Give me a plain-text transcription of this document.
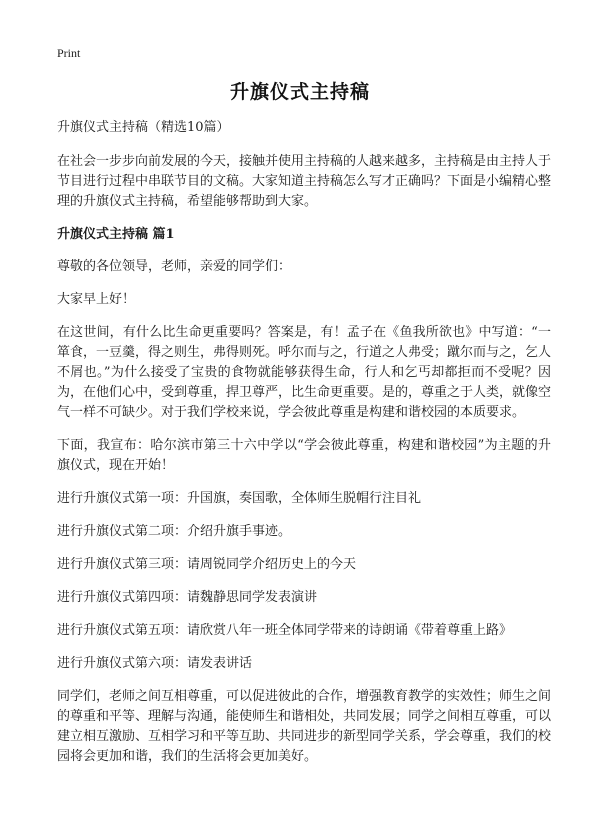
Print
升旗仪式主持稿

升旗仪式主持稿（精选10篇）

在社会一步步向前发展的今天，接触并使用主持稿的人越来越多，主持稿是由主持人于节目进行过程中串联节目的文稿。大家知道主持稿怎么写才正确吗？下面是小编精心整理的升旗仪式主持稿，希望能够帮助到大家。

升旗仪式主持稿 篇1

尊敬的各位领导，老师，亲爱的同学们：

大家早上好！

在这世间，有什么比生命更重要吗？答案是，有！孟子在《鱼我所欲也》中写道：“一箪食，一豆羹，得之则生，弗得则死。呼尔而与之，行道之人弗受；蹴尔而与之，乞人不屑也。”为什么接受了宝贵的食物就能够获得生命，行人和乞丐却都拒而不受呢？因为，在他们心中，受到尊重，捍卫尊严，比生命更重要。是的，尊重之于人类，就像空气一样不可缺少。对于我们学校来说，学会彼此尊重是构建和谐校园的本质要求。

下面，我宣布：哈尔滨市第三十六中学以“学会彼此尊重，构建和谐校园”为主题的升旗仪式，现在开始！

进行升旗仪式第一项：升国旗，奏国歌，全体师生脱帽行注目礼

进行升旗仪式第二项：介绍升旗手事迹。

进行升旗仪式第三项：请周锐同学介绍历史上的今天

进行升旗仪式第四项：请魏静思同学发表演讲

进行升旗仪式第五项：请欣赏八年一班全体同学带来的诗朗诵《带着尊重上路》

进行升旗仪式第六项：请发表讲话

同学们，老师之间互相尊重，可以促进彼此的合作，增强教育教学的实效性；师生之间的尊重和平等、理解与沟通，能使师生和谐相处，共同发展；同学之间相互尊重，可以建立相互激励、互相学习和平等互助、共同进步的新型同学关系，学会尊重，我们的校园将会更加和谐，我们的生活将会更加美好。
